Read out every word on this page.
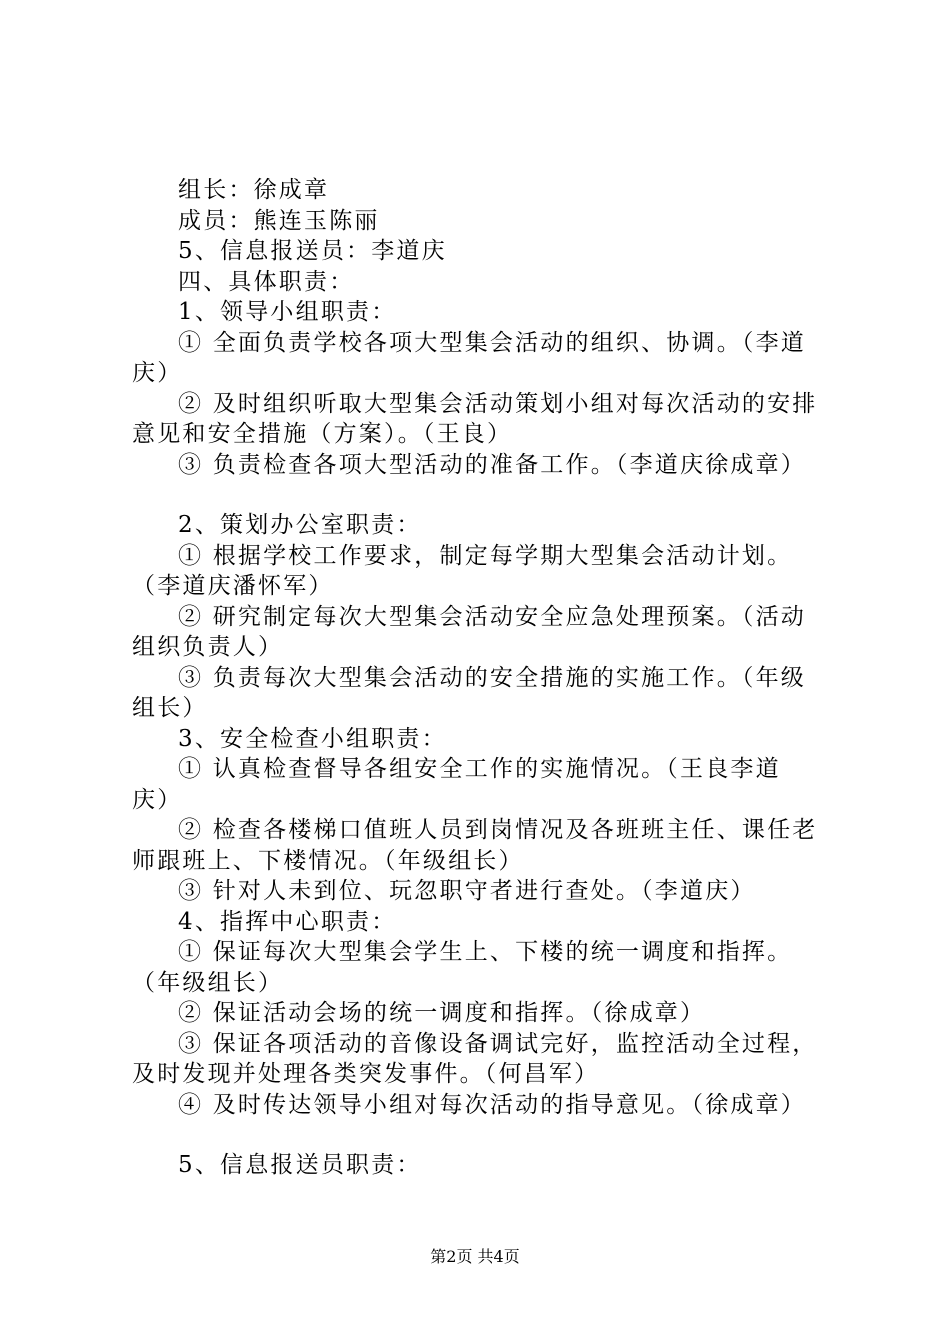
组长：徐成章
成员：熊连玉陈丽
5、信息报送员：李道庆
四、具体职责：
1、领导小组职责：
① 全面负责学校各项大型集会活动的组织、协调。（李道
庆）
② 及时组织听取大型集会活动策划小组对每次活动的安排
意见和安全措施（方案）。（王良）
③ 负责检查各项大型活动的准备工作。（李道庆徐成章）
2、策划办公室职责：
① 根据学校工作要求，制定每学期大型集会活动计划。
（李道庆潘怀军）
② 研究制定每次大型集会活动安全应急处理预案。（活动
组织负责人）
③ 负责每次大型集会活动的安全措施的实施工作。（年级
组长）
3、安全检查小组职责：
① 认真检查督导各组安全工作的实施情况。（王良李道
庆）
② 检查各楼梯口值班人员到岗情况及各班班主任、课任老
师跟班上、下楼情况。（年级组长）
③ 针对人未到位、玩忽职守者进行查处。（李道庆）
4、指挥中心职责：
① 保证每次大型集会学生上、下楼的统一调度和指挥。
（年级组长）
② 保证活动会场的统一调度和指挥。（徐成章）
③ 保证各项活动的音像设备调试完好，监控活动全过程，
及时发现并处理各类突发事件。（何昌军）
④ 及时传达领导小组对每次活动的指导意见。（徐成章）
5、信息报送员职责：
第2页 共4页
